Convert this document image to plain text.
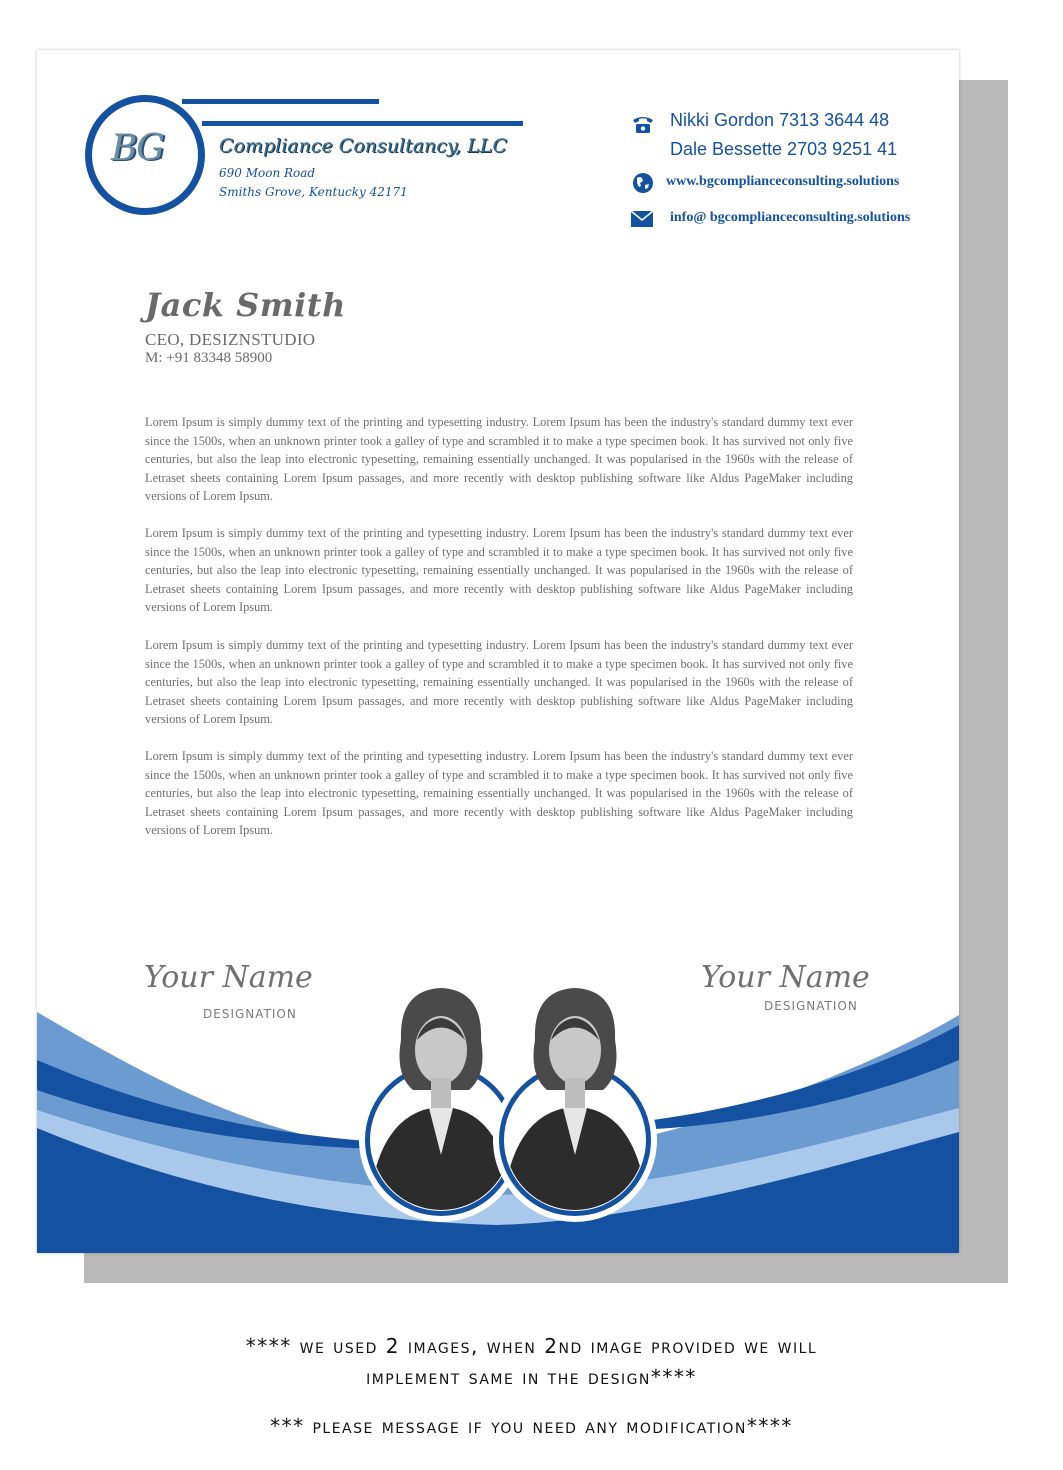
BG	Compliance Consultancy, LLC
690 Moon Road
Smiths Grove, Kentucky 42171
Nikki Gordon 7313 3644 48
Dale Bessette 2703 9251 41
www.bgcomplianceconsulting.solutions
info@ bgcomplianceconsulting.solutions
Jack Smith
CEO, DESIZNSTUDIO
M: +91 83348 58900
Lorem Ipsum is simply dummy text of the printing and typesetting industry. Lorem Ipsum has been the industry's standard dummy text ever since the 1500s, when an unknown printer took a galley of type and scrambled it to make a type specimen book. It has survived not only five centuries, but also the leap into electronic typesetting, remaining essentially unchanged. It was popularised in the 1960s with the release of Letraset sheets containing Lorem Ipsum passages, and more recently with desktop publishing software like Aldus PageMaker including versions of Lorem Ipsum.
Lorem Ipsum is simply dummy text of the printing and typesetting industry. Lorem Ipsum has been the industry's standard dummy text ever since the 1500s, when an unknown printer took a galley of type and scrambled it to make a type specimen book. It has survived not only five centuries, but also the leap into electronic typesetting, remaining essentially unchanged. It was popularised in the 1960s with the release of Letraset sheets containing Lorem Ipsum passages, and more recently with desktop publishing software like Aldus PageMaker including versions of Lorem Ipsum.
Lorem Ipsum is simply dummy text of the printing and typesetting industry. Lorem Ipsum has been the industry's standard dummy text ever since the 1500s, when an unknown printer took a galley of type and scrambled it to make a type specimen book. It has survived not only five centuries, but also the leap into electronic typesetting, remaining essentially unchanged. It was popularised in the 1960s with the release of Letraset sheets containing Lorem Ipsum passages, and more recently with desktop publishing software like Aldus PageMaker including versions of Lorem Ipsum.
Lorem Ipsum is simply dummy text of the printing and typesetting industry. Lorem Ipsum has been the industry's standard dummy text ever since the 1500s, when an unknown printer took a galley of type and scrambled it to make a type specimen book. It has survived not only five centuries, but also the leap into electronic typesetting, remaining essentially unchanged. It was popularised in the 1960s with the release of Letraset sheets containing Lorem Ipsum passages, and more recently with desktop publishing software like Aldus PageMaker including versions of Lorem Ipsum.
Your Name
DESIGNATION
Your Name
DESIGNATION
**** we used 2 images, when 2nd image provided we will
implement same in the design****
*** please message if you need any modification****
